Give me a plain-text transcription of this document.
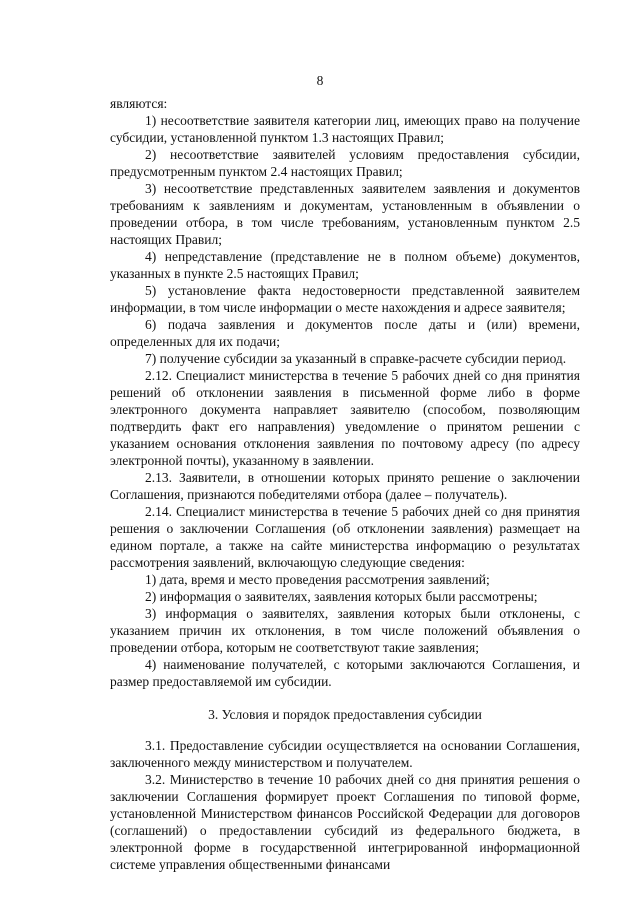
8

являются:

1) несоответствие заявителя категории лиц, имеющих право на получение субсидии, установленной пунктом 1.3 настоящих Правил;

2) несоответствие заявителей условиям предоставления субсидии, предусмотренным пунктом 2.4 настоящих Правил;

3) несоответствие представленных заявителем заявления и документов требованиям к заявлениям и документам, установленным в объявлении о проведении отбора, в том числе требованиям, установленным пунктом 2.5 настоящих Правил;

4) непредставление (представление не в полном объеме) документов, указанных в пункте 2.5 настоящих Правил;

5) установление факта недостоверности представленной заявителем информации, в том числе информации о месте нахождения и адресе заявителя;

6) подача заявления и документов после даты и (или) времени, определенных для их подачи;

7) получение субсидии за указанный в справке-расчете субсидии период.

2.12. Специалист министерства в течение 5 рабочих дней со дня принятия решений об отклонении заявления в письменной форме либо в форме электронного документа направляет заявителю (способом, позволяющим подтвердить факт его направления) уведомление о принятом решении с указанием основания отклонения заявления по почтовому адресу (по адресу электронной почты), указанному в заявлении.

2.13. Заявители, в отношении которых принято решение о заключении Соглашения, признаются победителями отбора (далее – получатель).

2.14. Специалист министерства в течение 5 рабочих дней со дня принятия решения о заключении Соглашения (об отклонении заявления) размещает на едином портале, а также на сайте министерства информацию о результатах рассмотрения заявлений, включающую следующие сведения:

1) дата, время и место проведения рассмотрения заявлений;

2) информация о заявителях, заявления которых были рассмотрены;

3) информация о заявителях, заявления которых были отклонены, с указанием причин их отклонения, в том числе положений объявления о проведении отбора, которым не соответствуют такие заявления;

4) наименование получателей, с которыми заключаются Соглашения, и размер предоставляемой им субсидии.

3. Условия и порядок предоставления субсидии

3.1. Предоставление субсидии осуществляется на основании Соглашения, заключенного между министерством и получателем.

3.2. Министерство в течение 10 рабочих дней со дня принятия решения о заключении Соглашения формирует проект Соглашения по типовой форме, установленной Министерством финансов Российской Федерации для договоров (соглашений) о предоставлении субсидий из федерального бюджета, в электронной форме в государственной интегрированной информационной системе управления общественными финансами
